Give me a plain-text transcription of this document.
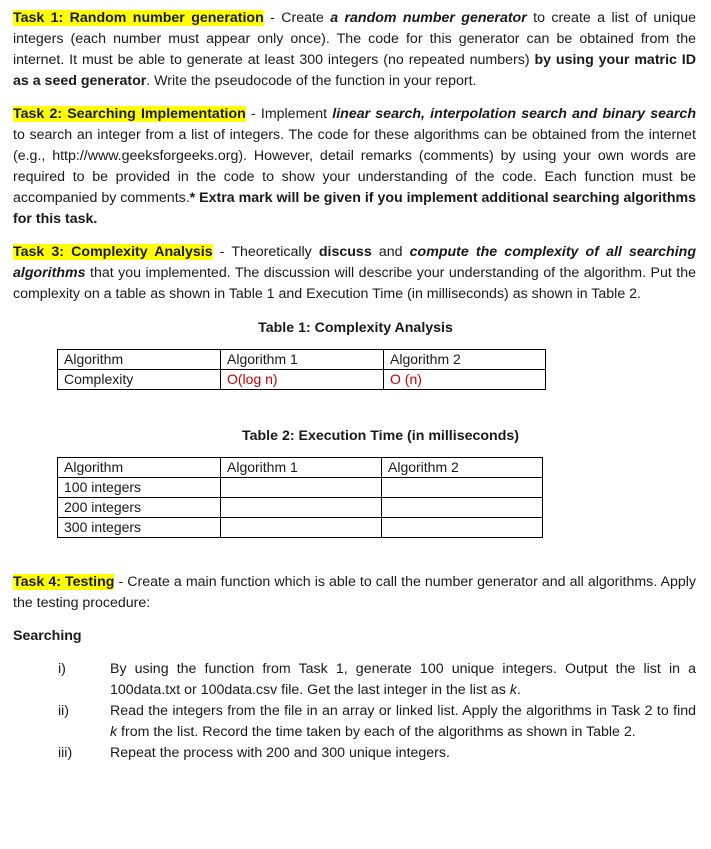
Task 1: Random number generation - Create a random number generator to create a list of unique integers (each number must appear only once). The code for this generator can be obtained from the internet. It must be able to generate at least 300 integers (no repeated numbers) by using your matric ID as a seed generator. Write the pseudocode of the function in your report.

Task 2: Searching Implementation - Implement linear search, interpolation search and binary search to search an integer from a list of integers. The code for these algorithms can be obtained from the internet (e.g., http://www.geeksforgeeks.org). However, detail remarks (comments) by using your own words are required to be provided in the code to show your understanding of the code. Each function must be accompanied by comments.* Extra mark will be given if you implement additional searching algorithms for this task.

Task 3: Complexity Analysis - Theoretically discuss and compute the complexity of all searching algorithms that you implemented. The discussion will describe your understanding of the algorithm. Put the complexity on a table as shown in Table 1 and Execution Time (in milliseconds) as shown in Table 2.

Table 1: Complexity Analysis

Algorithm	Algorithm 1	Algorithm 2
Complexity	O(log n)	O (n)

Table 2: Execution Time (in milliseconds)

Algorithm	Algorithm 1	Algorithm 2
100 integers		
200 integers		
300 integers		

Task 4: Testing - Create a main function which is able to call the number generator and all algorithms. Apply the testing procedure:

Searching

i)	By using the function from Task 1, generate 100 unique integers. Output the list in a 100data.txt or 100data.csv file. Get the last integer in the list as k.
ii)	Read the integers from the file in an array or linked list. Apply the algorithms in Task 2 to find k from the list. Record the time taken by each of the algorithms as shown in Table 2.
iii)	Repeat the process with 200 and 300 unique integers.
